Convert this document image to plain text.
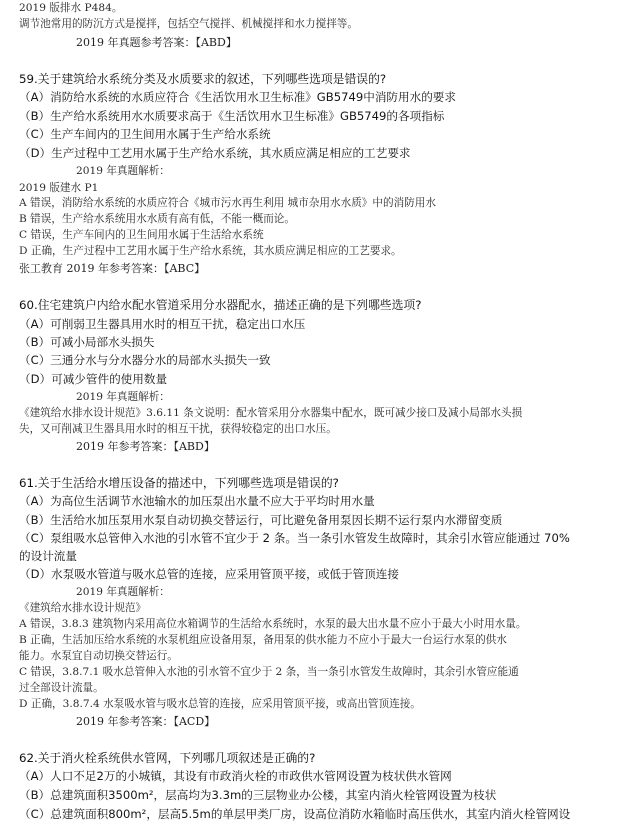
2019 版排水 P484。
调节池常用的防沉方式是搅拌，包括空气搅拌、机械搅拌和水力搅拌等。
2019 年真题参考答案：【ABD】
59.关于建筑给水系统分类及水质要求的叙述，下列哪些选项是错误的?
（A）消防给水系统的水质应符合《生活饮用水卫生标准》GB5749中消防用水的要求
（B）生产给水系统用水水质要求高于《生活饮用水卫生标准》GB5749的各项指标
（C）生产车间内的卫生间用水属于生产给水系统
（D）生产过程中工艺用水属于生产给水系统，其水质应满足相应的工艺要求
2019 年真题解析：
2019 版建水 P1
A 错误，消防给水系统的水质应符合《城市污水再生利用 城市杂用水水质》中的消防用水
B 错误，生产给水系统用水水质有高有低，不能一概而论。
C 错误，生产车间内的卫生间用水属于生活给水系统
D 正确，生产过程中工艺用水属于生产给水系统，其水质应满足相应的工艺要求。
张工教育 2019 年参考答案：【ABC】
60.住宅建筑户内给水配水管道采用分水器配水，描述正确的是下列哪些选项?
（A）可削弱卫生器具用水时的相互干扰，稳定出口水压
（B）可减小局部水头损失
（C）三通分水与分水器分水的局部水头损失一致
（D）可减少管件的使用数量
2019 年真题解析：
《建筑给水排水设计规范》3.6.11 条文说明：配水管采用分水器集中配水，既可减少接口及减小局部水头损
失，又可削减卫生器具用水时的相互干扰，获得较稳定的出口水压。
2019 年参考答案：【ABD】
61.关于生活给水增压设备的描述中，下列哪些选项是错误的?
（A）为高位生活调节水池输水的加压泵出水量不应大于平均时用水量
（B）生活给水加压泵用水泵自动切换交替运行，可比避免备用泵因长期不运行泵内水滞留变质
（C）泵组吸水总管伸入水池的引水管不宜少于 2 条。当一条引水管发生故障时，其余引水管应能通过 70%
的设计流量
（D）水泵吸水管道与吸水总管的连接，应采用管顶平接，或低于管顶连接
2019 年真题解析：
《建筑给水排水设计规范》
A 错误，3.8.3 建筑物内采用高位水箱调节的生活给水系统时，水泵的最大出水量不应小于最大小时用水量。
B 正确，生活加压给水系统的水泵机组应设备用泵，备用泵的供水能力不应小于最大一台运行水泵的供水
能力。水泵宜自动切换交替运行。
C 错误，3.8.7.1 吸水总管伸入水池的引水管不宜少于 2 条，当一条引水管发生故障时，其余引水管应能通
过全部设计流量。
D 正确，3.8.7.4 水泵吸水管与吸水总管的连接，应采用管顶平接，或高出管顶连接。
2019 年参考答案：【ACD】
62.关于消火栓系统供水管网，下列哪几项叙述是正确的?
（A）人口不足2万的小城镇，其设有市政消火栓的市政供水管网设置为枝状供水管网
（B）总建筑面积3500m²，层高均为3.3m的三层物业办公楼，其室内消火栓管网设置为枝状
（C）总建筑面积800m²，层高5.5m的单层甲类厂房，设高位消防水箱临时高压供水，其室内消火栓管网设
